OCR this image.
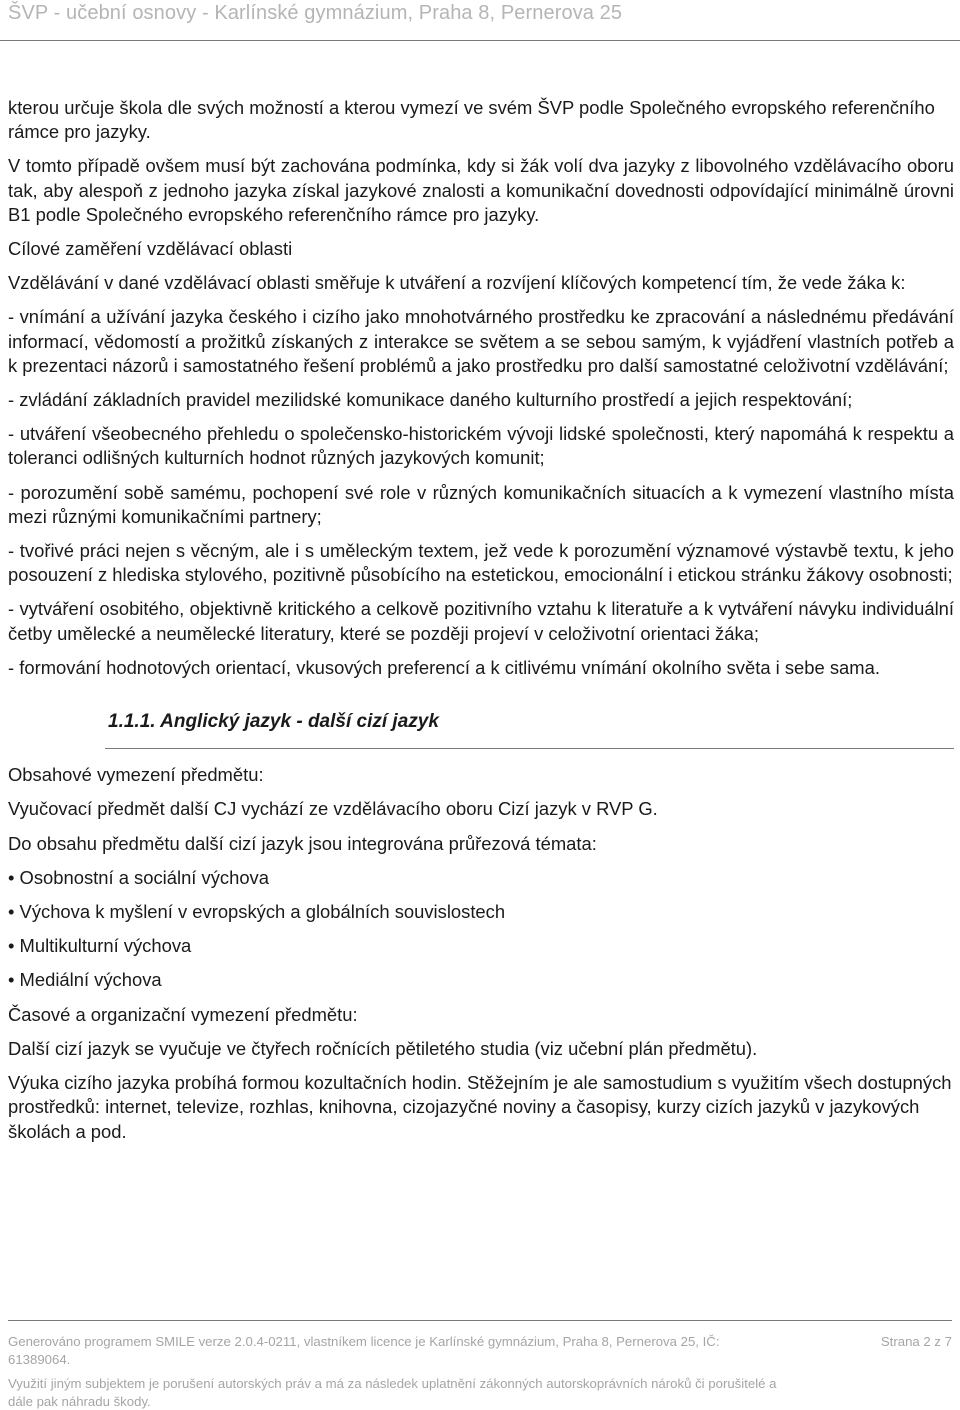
ŠVP - učební osnovy - Karlínské gymnázium, Praha 8, Pernerova 25

kterou určuje škola dle svých možností a kterou vymezí ve svém ŠVP podle Společného evropského referenčního rámce pro jazyky.

V tomto případě ovšem musí být zachována podmínka, kdy si žák volí dva jazyky z libovolného vzdělávacího oboru tak, aby alespoň z jednoho jazyka získal jazykové znalosti a komunikační dovednosti odpovídající minimálně úrovni B1 podle Společného evropského referenčního rámce pro jazyky.

Cílové zaměření vzdělávací oblasti

Vzdělávání v dané vzdělávací oblasti směřuje k utváření a rozvíjení klíčových kompetencí tím, že vede žáka k:

- vnímání a užívání jazyka českého i cizího jako mnohotvárného prostředku ke zpracování a následnému předávání informací, vědomostí a prožitků získaných z interakce se světem a se sebou samým, k vyjádření vlastních potřeb a k prezentaci názorů i samostatného řešení problémů a jako prostředku pro další samostatné celoživotní vzdělávání;

- zvládání základních pravidel mezilidské komunikace daného kulturního prostředí a jejich respektování;

- utváření všeobecného přehledu o společensko-historickém vývoji lidské společnosti, který napomáhá k respektu a toleranci odlišných kulturních hodnot různých jazykových komunit;

- porozumění sobě samému, pochopení své role v různých komunikačních situacích a k vymezení vlastního místa mezi různými komunikačními partnery;

- tvořivé práci nejen s věcným, ale i s uměleckým textem, jež vede k porozumění významové výstavbě textu, k jeho posouzení z hlediska stylového, pozitivně působícího na estetickou, emocionální i etickou stránku žákovy osobnosti;

- vytváření osobitého, objektivně kritického a celkově pozitivního vztahu k literatuře a k vytváření návyku individuální četby umělecké a neumělecké literatury, které se později projeví v celoživotní orientaci žáka;

- formování hodnotových orientací, vkusových preferencí a k citlivému vnímání okolního světa i sebe sama.

1.1.1. Anglický jazyk - další cizí jazyk

Obsahové vymezení předmětu:

Vyučovací předmět další CJ vychází ze vzdělávacího oboru Cizí jazyk v RVP G.

Do obsahu předmětu další cizí jazyk jsou integrována průřezová témata:

• Osobnostní a sociální výchova
• Výchova k myšlení v evropských a globálních souvislostech
• Multikulturní výchova
• Mediální výchova

Časové a organizační vymezení předmětu:

Další cizí jazyk se vyučuje ve čtyřech ročnících pětiletého studia (viz učební plán předmětu).

Výuka cizího jazyka probíhá formou kozultačních hodin. Stěžejním je ale samostudium s využitím všech dostupných prostředků: internet, televize, rozhlas, knihovna, cizojazyčné noviny a časopisy, kurzy cizích jazyků v jazykových školách a pod.

Generováno programem SMILE verze 2.0.4-0211, vlastníkem licence je Karlínské gymnázium, Praha 8, Pernerova 25, IČ: 61389064.
Strana 2 z 7
Využití jiným subjektem je porušení autorských práv a má za následek uplatnění zákonných autorskoprávních nároků či porušitelé a dále pak náhradu škody.
